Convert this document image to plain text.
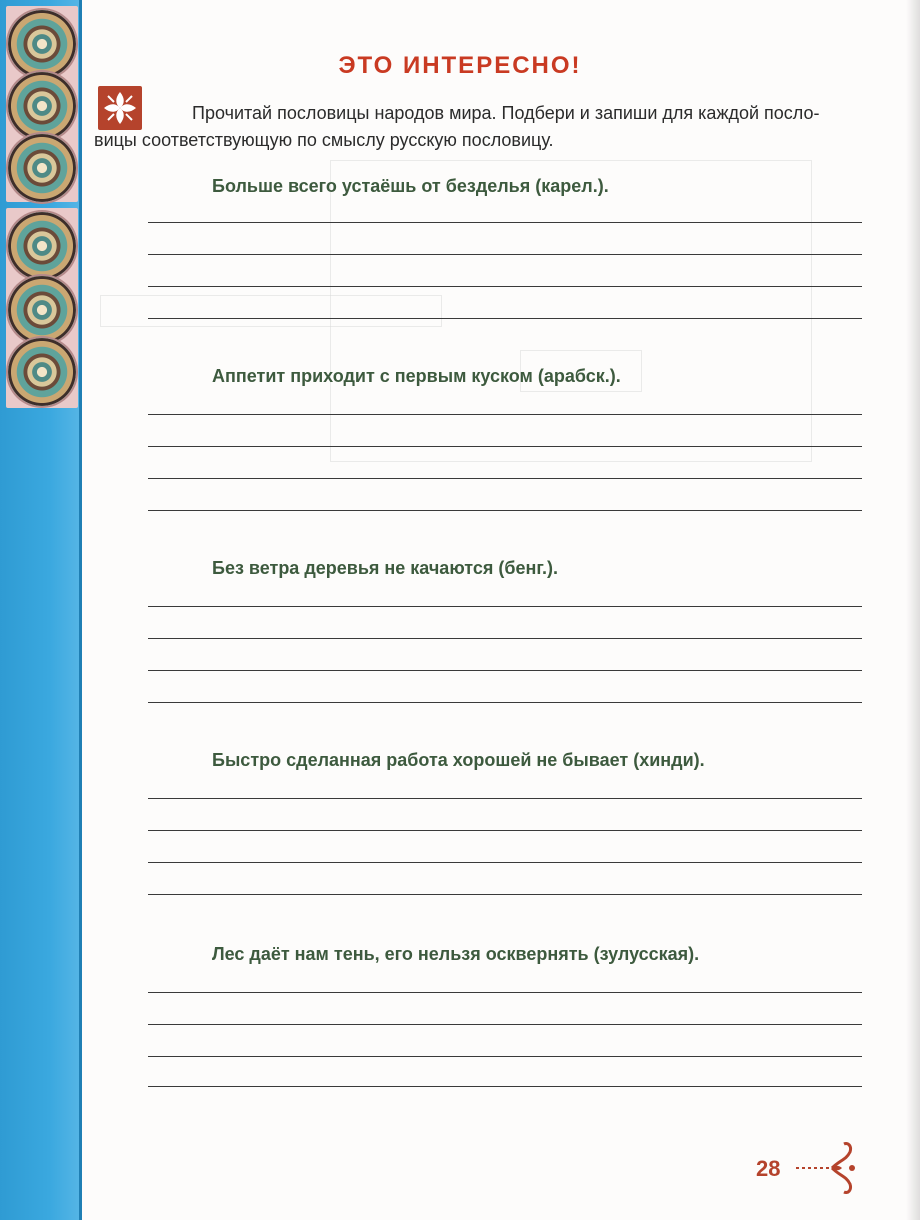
ЭТО ИНТЕРЕСНО!
Прочитай пословицы народов мира. Подбери и запиши для каждой посло-
вицы соответствующую по смыслу русскую пословицу.
Больше всего устаёшь от безделья (карел.).
Аппетит приходит с первым куском (арабск.).
Без ветра деревья не качаются (бенг.).
Быстро сделанная работа хорошей не бывает (хинди).
Лес даёт нам тень, его нельзя осквернять (зулусская).
28
